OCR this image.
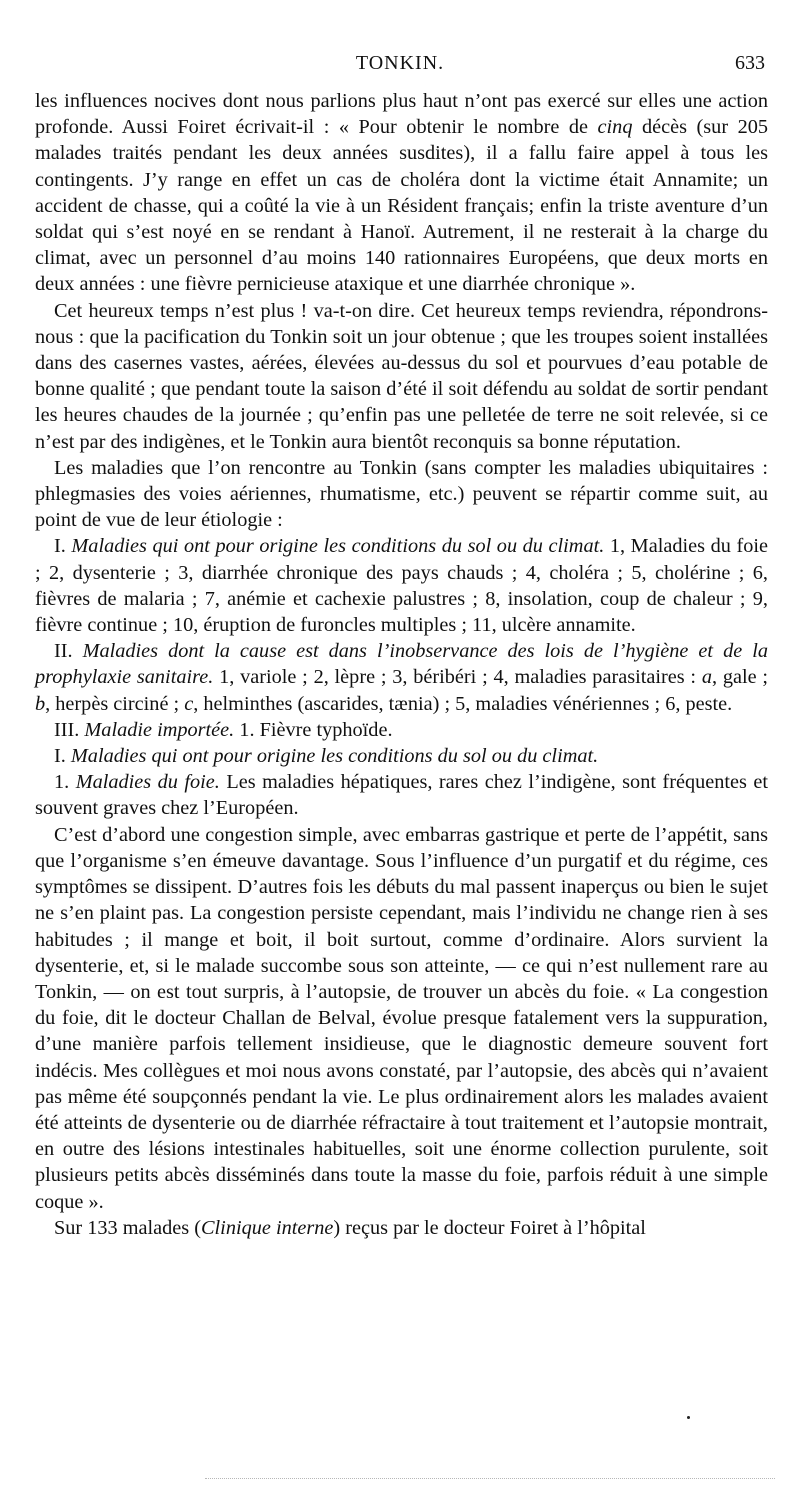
TONKIN.	633

les influences nocives dont nous parlions plus haut n’ont pas exercé sur elles une action profonde. Aussi Foiret écrivait-il : « Pour obtenir le nombre de cinq décès (sur 205 malades traités pendant les deux années susdites), il a fallu faire appel à tous les contingents. J’y range en effet un cas de choléra dont la victime était Annamite; un accident de chasse, qui a coûté la vie à un Résident français; enfin la triste aventure d’un soldat qui s’est noyé en se rendant à Hanoï. Autrement, il ne resterait à la charge du climat, avec un personnel d’au moins 140 rationnaires Européens, que deux morts en deux années : une fièvre pernicieuse ataxique et une diarrhée chronique ».

Cet heureux temps n’est plus ! va-t-on dire. Cet heureux temps reviendra, répondrons-nous : que la pacification du Tonkin soit un jour obtenue ; que les troupes soient installées dans des casernes vastes, aérées, élevées au-dessus du sol et pourvues d’eau potable de bonne qualité ; que pendant toute la saison d’été il soit défendu au soldat de sortir pendant les heures chaudes de la journée ; qu’enfin pas une pelletée de terre ne soit relevée, si ce n’est par des indigènes, et le Tonkin aura bientôt reconquis sa bonne réputation.

Les maladies que l’on rencontre au Tonkin (sans compter les maladies ubiquitaires : phlegmasies des voies aériennes, rhumatisme, etc.) peuvent se répartir comme suit, au point de vue de leur étiologie :

I. Maladies qui ont pour origine les conditions du sol ou du climat. 1, Maladies du foie ; 2, dysenterie ; 3, diarrhée chronique des pays chauds ; 4, choléra ; 5, cholérine ; 6, fièvres de malaria ; 7, anémie et cachexie palustres ; 8, insolation, coup de chaleur ; 9, fièvre continue ; 10, éruption de furoncles multiples ; 11, ulcère annamite.

II. Maladies dont la cause est dans l’inobservance des lois de l’hygiène et de la prophylaxie sanitaire. 1, variole ; 2, lèpre ; 3, béribéri ; 4, maladies parasitaires : a, gale ; b, herpès circiné ; c, helminthes (ascarides, tænia) ; 5, maladies vénériennes ; 6, peste.

III. Maladie importée. 1. Fièvre typhoïde.

I. Maladies qui ont pour origine les conditions du sol ou du climat.

1. Maladies du foie. Les maladies hépatiques, rares chez l’indigène, sont fréquentes et souvent graves chez l’Européen.

C’est d’abord une congestion simple, avec embarras gastrique et perte de l’appétit, sans que l’organisme s’en émeuve davantage. Sous l’influence d’un purgatif et du régime, ces symptômes se dissipent. D’autres fois les débuts du mal passent inaperçus ou bien le sujet ne s’en plaint pas. La congestion persiste cependant, mais l’individu ne change rien à ses habitudes ; il mange et boit, il boit surtout, comme d’ordinaire. Alors survient la dysenterie, et, si le malade succombe sous son atteinte, — ce qui n’est nullement rare au Tonkin, — on est tout surpris, à l’autopsie, de trouver un abcès du foie. « La congestion du foie, dit le docteur Challan de Belval, évolue presque fatalement vers la suppuration, d’une manière parfois tellement insidieuse, que le diagnostic demeure souvent fort indécis. Mes collègues et moi nous avons constaté, par l’autopsie, des abcès qui n’avaient pas même été soupçonnés pendant la vie. Le plus ordinairement alors les malades avaient été atteints de dysenterie ou de diarrhée réfractaire à tout traitement et l’autopsie montrait, en outre des lésions intestinales habituelles, soit une énorme collection purulente, soit plusieurs petits abcès disséminés dans toute la masse du foie, parfois réduit à une simple coque ».

Sur 133 malades (Clinique interne) reçus par le docteur Foiret à l’hôpital
